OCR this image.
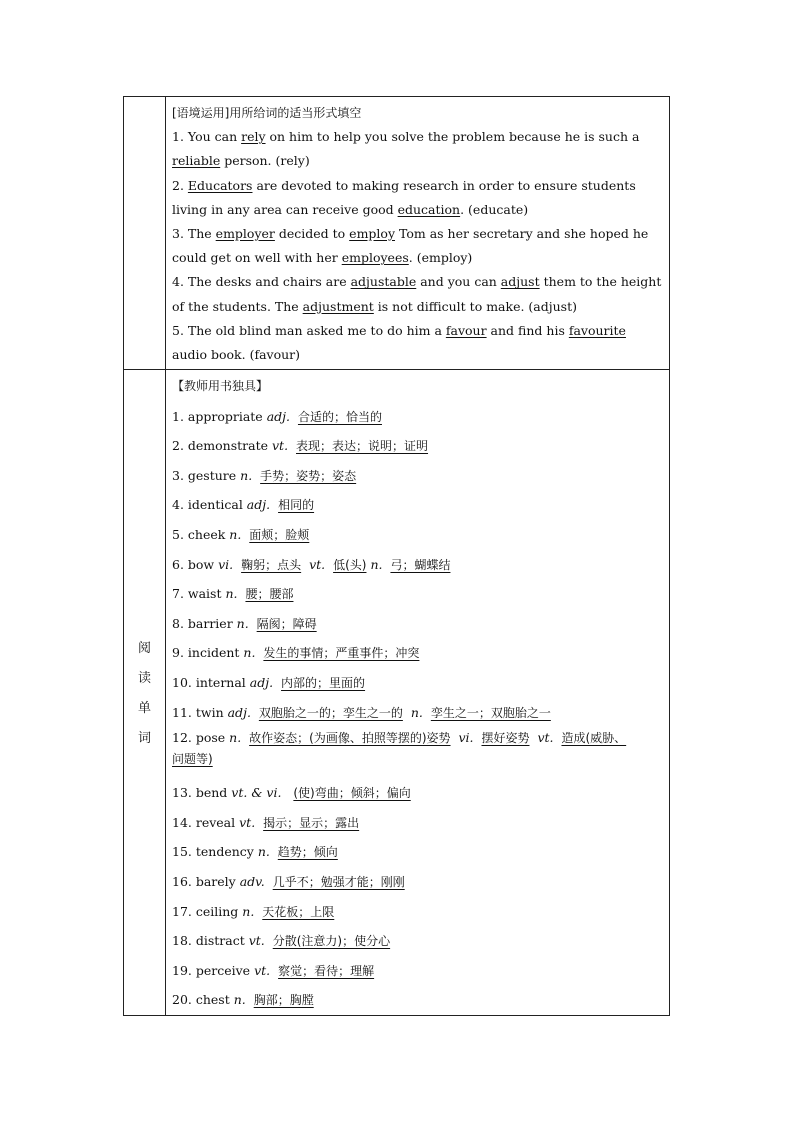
阅
读
单
词

[语境运用]用所给词的适当形式填空

1. You can rely on him to help you solve the problem because he is such a reliable person. (rely)

2. Educators are devoted to making research in order to ensure students living in any area can receive good education. (educate)

3. The employer decided to employ Tom as her secretary and she hoped he could get on well with her employees. (employ)

4. The desks and chairs are adjustable and you can adjust them to the height of the students. The adjustment is not difficult to make. (adjust)

5. The old blind man asked me to do him a favour and find his favourite audio book. (favour)

【教师用书独具】
1. appropriate adj. 合适的；恰当的
2. demonstrate vt. 表现；表达；说明；证明
3. gesture n. 手势；姿势；姿态
4. identical adj. 相同的
5. cheek n. 面颊；脸颊
6. bow vi. 鞠躬；点头 vt. 低(头) n. 弓；蝴蝶结
7. waist n. 腰；腰部
8. barrier n. 隔阂；障碍
9. incident n. 发生的事情；严重事件；冲突
10. internal adj. 内部的；里面的
11. twin adj. 双胞胎之一的；孪生之一的 n. 孪生之一；双胞胎之一
12. pose n. 故作姿态；(为画像、拍照等摆的)姿势 vi. 摆好姿势 vt. 造成(威胁、
问题等)
13. bend vt. & vi. (使)弯曲；倾斜；偏向
14. reveal vt. 揭示；显示；露出
15. tendency n. 趋势；倾向
16. barely adv. 几乎不；勉强才能；刚刚
17. ceiling n. 天花板；上限
18. distract vt. 分散(注意力)；使分心
19. perceive vt. 察觉；看待；理解
20. chest n. 胸部；胸膛
